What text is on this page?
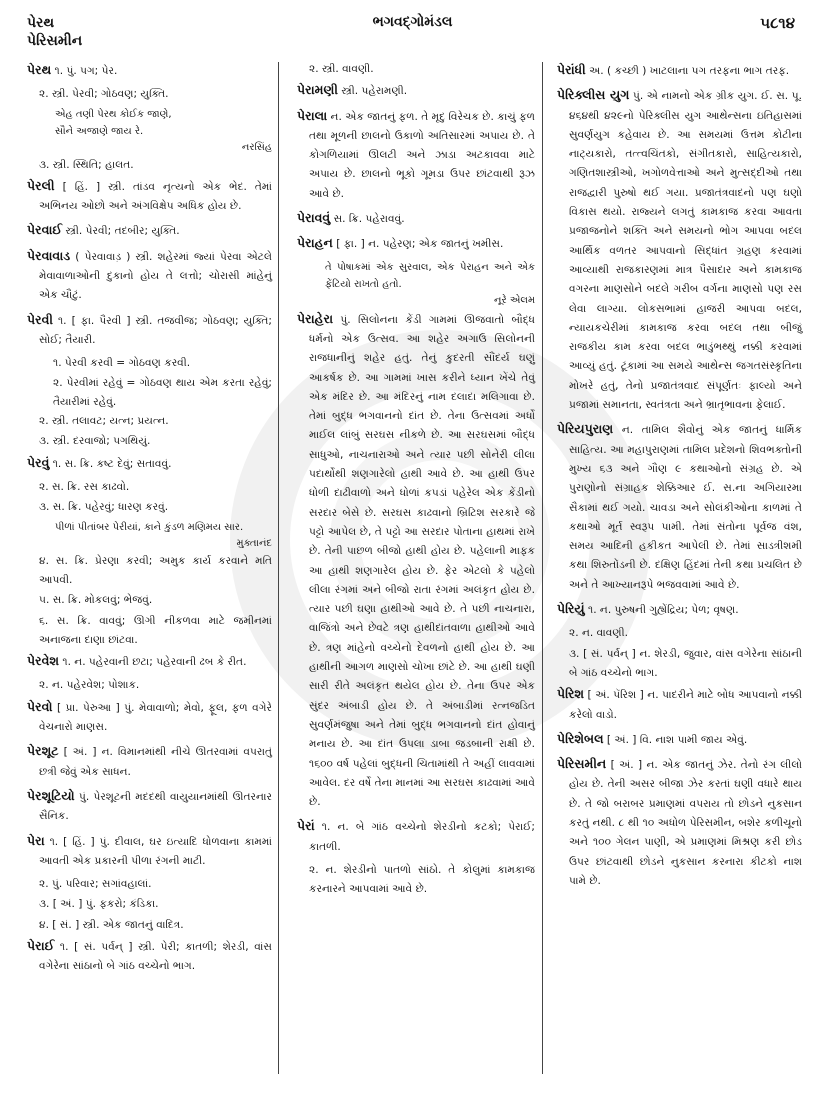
પેરથ
પેરિસમીન
ભગવદ્ગોમંડલ	૫૮૧૪
પેરથ ૧. પું. પગ; પેર.
૨. સ્ત્રી. પેરવી; ગોઠવણ; યુક્તિ.
એહ તણી પેરથ કોઈક જાણે,
સૌને અજાણે જાય રે.
નરસિંહ
૩. સ્ત્રી. સ્થિતિ; હાલત.
પેરલી [ હિં. ] સ્ત્રી. તાંડવ નૃત્યનો એક ભેદ. તેમાં અભિનય ઓછો અને અંગવિક્ષેપ અધિક હોય છે.
પેરવાઈ સ્ત્રી. પેરવી; તદબીર; યુક્તિ.
પેરવાવાડ ( પેરવાવાડ઼ ) સ્ત્રી. શહેરમાં જ્યાં પેરવા એટલે મેવાવાળાઓની દુકાનો હોય તે લત્તો; ચોરાસી માંહેનું એક ચૌટું.
પેરવી ૧. [ ફા. પૈરવી ] સ્ત્રી. તજવીજ; ગોઠવણ; યુક્તિ; સોઈ; તૈયારી.
૧. પેરવી કરવી = ગોઠવણ કરવી.
૨. પેરવીમાં રહેવું = ગોઠવણ થાય એમ કરતા રહેવું; તૈયારીમાં રહેવું.
૨. સ્ત્રી. તલાવટ; યત્ન; પ્રયત્ન.
૩. સ્ત્રી. દરવાજો; પગથિયું.
પેરવું ૧. સ. ક્રિ. કષ્ટ દેવું; સતાવવું.
૨. સ. ક્રિ. રસ કાઢવો.
૩. સ. ક્રિ. પહેરવું; ધારણ કરવું.
પીળાં પીતાંબર પેરીયાં, કાને કુંડળ મણિમય સાર.
મુક્તાનંદ
૪. સ. ક્રિ. પ્રેરણા કરવી; અમુક કાર્ય કરવાને મતિ આપવી.
૫. સ. ક્રિ. મોકલવું; ભેજવું.
૬. સ. ક્રિ. વાવવું; ઊગી નીકળવા માટે જમીનમાં અનાજના દાણા છાંટવા.
પેરવેશ ૧. ન. પહેરવાની છટા; પહેરવાની ઢબ કે રીત.
૨. ન. પહેરવેશ; પોશાક.
પેરવો [ પ્રા. પેરુઆ ] પું. મેવાવાળો; મેવો, ફૂલ, ફળ વગેરે વેચનારો માણસ.
પેરશૂટ [ અં. ] ન. વિમાનમાંથી નીચે ઊતરવામાં વપરાતું છત્રી જેવું એક સાધન.
પેરશૂટિયો પું. પેરશૂટની મદદથી વાયુયાનમાંથી ઊતરનાર સૈનિક.
પેરા ૧. [ હિં. ] પું. દીવાલ, ઘર ઇત્યાદિ ધોળવાના કામમાં આવતી એક પ્રકારની પીળા રંગની માટી.
૨. પું. પરિવાર; સગાંવહાલાં.
૩. [ અં. ] પું. ફકરો; કંડિકા.
૪. [ સં. ] સ્ત્રી. એક જાતનું વાદિત્ર.
પેરાઈ ૧. [ સં. પર્વન્ ] સ્ત્રી. પેરી; કાતળી; શેરડી, વાંસ વગેરેના સાંઠાનો બે ગાંઠ વચ્ચેનો ભાગ.
૨. સ્ત્રી. વાવણી.
પેરામણી સ્ત્રી. પહેરામણી.
પેરાલા ન. એક જાતનું ફળ. તે મૃદુ વિરેચક છે. કાચું ફળ તથા મૂળની છાલનો ઉકાળો અતિસારમાં અપાય છે. તે કોગળિયામાં ઊલટી અને ઝાડા અટકાવવા માટે અપાય છે. છાલનો ભૂકો ગૂમડા ઉપર છાંટવાથી રૂઝ આવે છે.
પેરાવવું સ. ક્રિ. પહેરાવવું.
પેરાહન [ ફા. ] ન. પહેરણ; એક જાતનું ખમીસ.
તે પોષાકમાં એક સુરવાલ, એક પેરાહન અને એક ફેંટિયો રાખતો હતો.
નૂરે એલમ
પેરાહેરા પું. સિલોનના કેંડી ગામમાં ઊજવાતો બૌદ્ધ ધર્મનો એક ઉત્સવ. આ શહેર અગાઉ સિલોનની રાજધાનીનું શહેર હતું. તેનું કુદરતી સૌંદર્ય ઘણું આકર્ષક છે. આ ગામમાં ખાસ કરીને ધ્યાન ખેંચે તેવું એક મંદિર છે. આ મંદિરનું નામ દલાદા મલિગાવા છે. તેમાં બુદ્ધ ભગવાનનો દાંત છે. તેના ઉત્સવમાં અર્ધો માઈલ લાંબું સરઘસ નીકળે છે. આ સરઘસમાં બૌદ્ધ સાધુઓ, નાચનારાઓ અને ત્યાર પછી સોનેરી લીલા પદાર્થોથી શણગારેલો હાથી આવે છે. આ હાથી ઉપર ધોળી દાઢીવાળો અને ધોળાં કપડાં પહેરેલ એક કેંડીનો સરદાર બેસે છે. સરઘસ કાઢવાનો બ્રિટિશ સરકારે જે પટ્ટો આપેલ છે, તે પટ્ટો આ સરદાર પોતાના હાથમાં રાખે છે. તેની પાછળ બીજો હાથી હોય છે. પહેલાની માફક આ હાથી શણગારેલ હોય છે. ફેર એટલો કે પહેલો લીલા રંગમાં અને બીજો રાતા રંગમાં અલંકૃત હોય છે. ત્યાર પછી ઘણા હાથીઓ આવે છે. તે પછી નાચનારા, વાજિંત્રો અને છેવટે ત્રણ હાથીદાંતવાળા હાથીઓ આવે છે. ત્રણ માંહેનો વચ્ચેનો દેવળનો હાથી હોય છે. આ હાથીની આગળ માણસો ચોખા છાંટે છે. આ હાથી ઘણી સારી રીતે અલંકૃત થયેલ હોય છે. તેના ઉપર એક સુંદર અંબાડી હોય છે. તે અંબાડીમાં રત્નજડિત સુવર્ણમંજુષા અને તેમાં બુદ્ધ ભગવાનનો દાંત હોવાનું મનાય છે. આ દાંત ઉપલા ડાબા જડબાની રાક્ષી છે. ૧૬૦૦ વર્ષ પહેલાં બુદ્ધની ચિતામાંથી તે અહીં લાવવામાં આવેલ. દર વર્ષે તેના માનમાં આ સરઘસ કાઢવામાં આવે છે.
પેરાં ૧. ન. બે ગાંઠ વચ્ચેનો શેરડીનો કટકો; પેરાઈ; કાતળી.
૨. ન. શેરડીનો પાતળો સાંઠો. તે કોલુમાં કામકાજ કરનારને આપવામાં આવે છે.
પેરાંધી અ. ( કચ્છી ) ખાટલાના પગ તરફના ભાગ તરફ.
પેરિક્લીસ યુગ પું. એ નામનો એક ગ્રીક યુગ. ઈ. સ. પૂ. ૪૬૪થી ૪૨૯નો પેરિક્લીસ યુગ આથેન્સના ઇતિહાસમાં સુવર્ણયુગ કહેવાય છે. આ સમયમાં ઉત્તમ કોટીના નાટ્યકારો, તત્ત્વચિંતકો, સંગીતકારો, સાહિત્યકારો, ગણિતશાસ્ત્રીઓ, ખગોળવેત્તાઓ અને મુત્સદ્દીઓ તથા રાજદ્વારી પુરુષો થઈ ગયા. પ્રજાતંત્રવાદનો પણ ઘણો વિકાસ થયો. રાજ્યને લગતું કામકાજ કરવા આવતા પ્રજાજનોને શક્તિ અને સમયનો ભોગ આપવા બદલ આર્થિક વળતર આપવાનો સિદ્ધાંત ગ્રહણ કરવામાં આવ્યાથી રાજકારણમાં માત્ર પૈસાદાર અને કામકાજ વગરના માણસોને બદલે ગરીબ વર્ગના માણસો પણ રસ લેવા લાગ્યા. લોકસભામાં હાજરી આપવા બદલ, ન્યાયકચેરીમાં કામકાજ કરવા બદલ તથા બીજું રાજકીય કામ કરવા બદલ ભાડુંભથ્થું નક્કી કરવામાં આવ્યું હતું. ટૂંકામાં આ સમયે આથેન્સ જગતસંસ્કૃતિના મોખરે હતું, તેનો પ્રજાતંત્રવાદ સંપૂર્ણતઃ ફાલ્યો અને પ્રજામાં સમાનતા, સ્વતંત્રતા અને ભ્રાતૃભાવના ફેલાઈ.
પેરિયપુરાણ ન. તામિલ શૈવોનું એક જાતનું ધાર્મિક સાહિત્ય. આ મહાપુરાણમાં તામિલ પ્રદેશનો શિવભક્તોની મુખ્ય ૬૩ અને ગૌણ ૯ કથાઓનો સંગ્રહ છે. એ પુરાણોનો સંગ્રાહક શેક્કિઆર ઈ. સ.ના અગિયારમા સૈકામાં થઈ ગયો. ચાવડા અને સોલંકીઓના કાળમાં તે કથાઓ મૂર્ત સ્વરૂપ પામી. તેમાં સંતોના પૂર્વજ વંશ, સમય આદિની હકીકત આપેલી છે. તેમાં સાડત્રીશમી કથા શિરુતોંડની છે. દક્ષિણ હિંદમાં તેની કથા પ્રચલિત છે અને તે આખ્યાનરૂપે ભજવવામાં આવે છે.
પેરિયું ૧. ન. પુરુષની ગુહ્યેંદ્રિય; પેળ; વૃષણ.
૨. ન. વાવણી.
૩. [ સં. પર્વન્ ] ન. શેરડી, જુવાર, વાંસ વગેરેના સાંઠાની બે ગાંઠ વચ્ચેનો ભાગ.
પેરિશ [ અં. પૅરિશ ] ન. પાદરીને માટે બોધ આપવાનો નક્કી કરેલો વાડો.
પેરિશેબલ [ અં. ] વિ. નાશ પામી જાય એવું.
પેરિસમીન [ અં. ] ન. એક જાતનું ઝેર. તેનો રંગ લીલો હોય છે. તેની અસર બીજા ઝેર કરતાં ઘણી વધારે થાય છે. તે જો બરાબર પ્રમાણમાં વપરાય તો છોડને નુકસાન કરતું નથી. ૮ થી ૧૦ અધોળ પેરિસમીન, બશેર કળીચૂનો અને ૧૦૦ ગેલન પાણી, એ પ્રમાણમાં મિશ્રણ કરી છોડ ઉપર છાંટવાથી છોડને નુકસાન કરનારા કીટકો નાશ પામે છે.
